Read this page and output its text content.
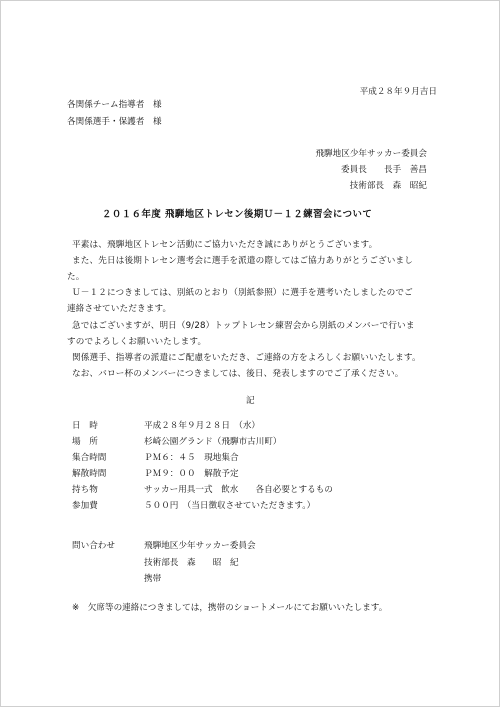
平成２８年９月吉日
各関係チーム指導者　様
各関係選手・保護者　様
飛騨地区少年サッカー委員会
委員長　　長手　善昌
技術部長　森　昭紀
２０１６年度 飛騨地区トレセン後期Ｕ－１２練習会について
平素は、飛騨地区トレセン活動にご協力いただき誠にありがとうございます。
また、先日は後期トレセン選考会に選手を派遣の際してはご協力ありがとうございまし
た。
Ｕ－１２につきましては、別紙のとおり（別紙参照）に選手を選考いたしましたのでご
連絡させていただきます。
急ではございますが、明日（9/28）トップトレセン練習会から別紙のメンバーで行いま
すのでよろしくお願いいたします。
関係選手、指導者の派遣にご配慮をいただき、ご連絡の方をよろしくお願いいたします。
なお、バロー杯のメンバーにつきましては、後日、発表しますのでご了承ください。
記
日　時	平成２８年９月２８日　（水）
場　所	杉崎公園グランド（飛騨市古川町）
集合時間	ＰＭ６：４５　現地集合
解散時間	ＰＭ９：００　解散予定
持ち物	サッカー用具一式　飲水　　各自必要とするもの
参加費	５００円　（当日徴収させていただきます。）
問い合わせ	飛騨地区少年サッカー委員会
技術部長　森　　昭　紀
携帯
※　欠席等の連絡につきましては，携帯のショートメールにてお願いいたします。
